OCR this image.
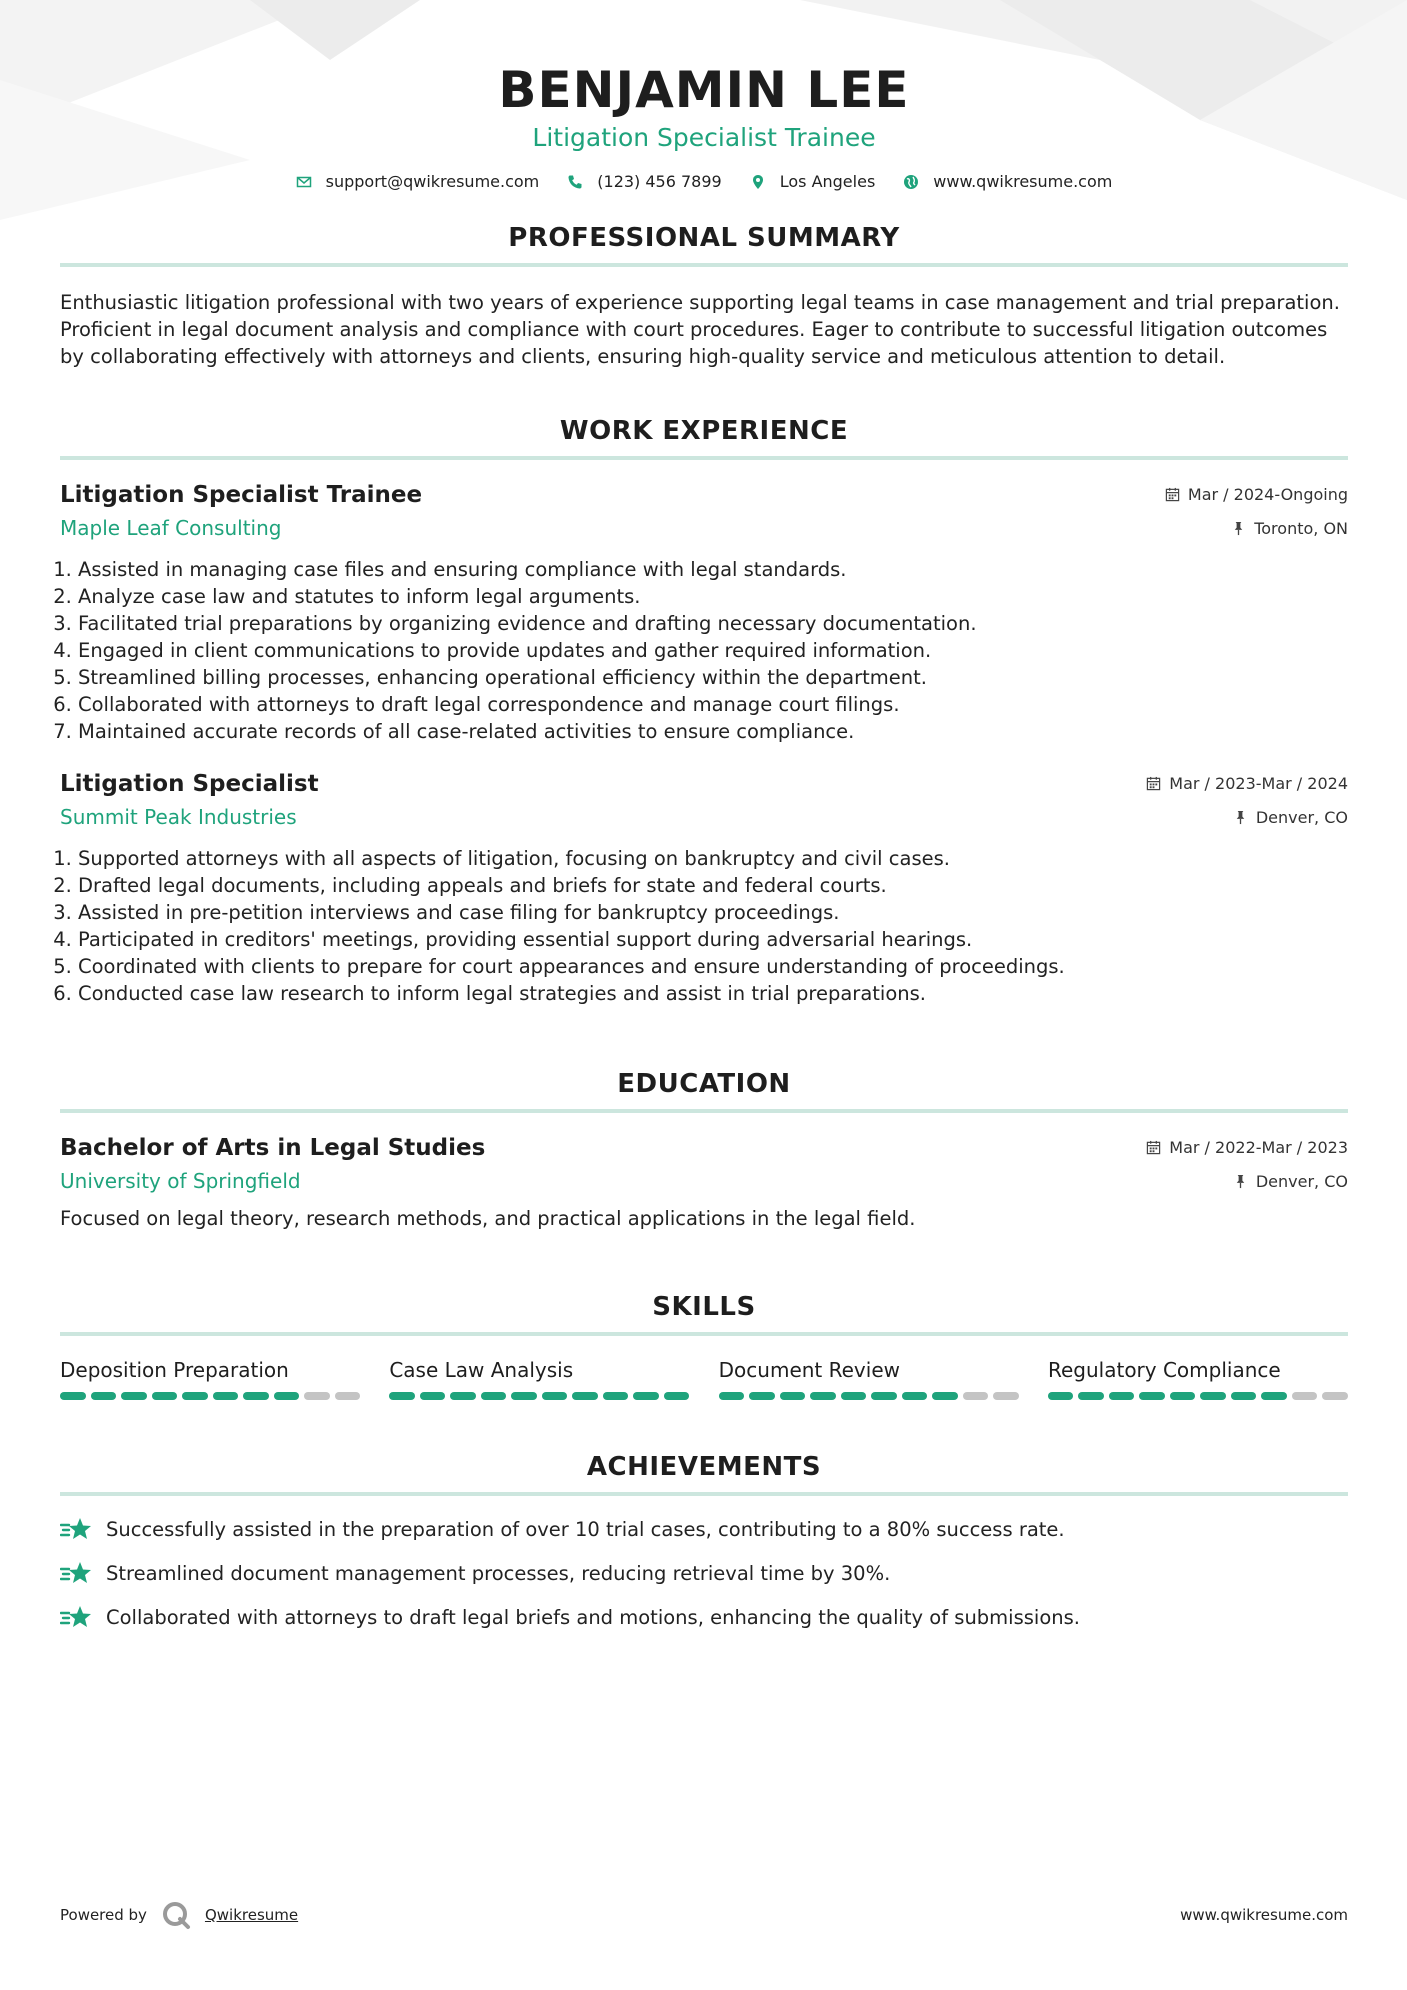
BENJAMIN LEE
Litigation Specialist Trainee
support@qwikresume.com	(123) 456 7899	Los Angeles	www.qwikresume.com
PROFESSIONAL SUMMARY
Enthusiastic litigation professional with two years of experience supporting legal teams in case management and trial preparation. Proficient in legal document analysis and compliance with court procedures. Eager to contribute to successful litigation outcomes by collaborating effectively with attorneys and clients, ensuring high-quality service and meticulous attention to detail.
WORK EXPERIENCE
Litigation Specialist Trainee	Mar / 2024-Ongoing
Maple Leaf Consulting	Toronto, ON
1. Assisted in managing case files and ensuring compliance with legal standards.
2. Analyze case law and statutes to inform legal arguments.
3. Facilitated trial preparations by organizing evidence and drafting necessary documentation.
4. Engaged in client communications to provide updates and gather required information.
5. Streamlined billing processes, enhancing operational efficiency within the department.
6. Collaborated with attorneys to draft legal correspondence and manage court filings.
7. Maintained accurate records of all case-related activities to ensure compliance.
Litigation Specialist	Mar / 2023-Mar / 2024
Summit Peak Industries	Denver, CO
1. Supported attorneys with all aspects of litigation, focusing on bankruptcy and civil cases.
2. Drafted legal documents, including appeals and briefs for state and federal courts.
3. Assisted in pre-petition interviews and case filing for bankruptcy proceedings.
4. Participated in creditors' meetings, providing essential support during adversarial hearings.
5. Coordinated with clients to prepare for court appearances and ensure understanding of proceedings.
6. Conducted case law research to inform legal strategies and assist in trial preparations.
EDUCATION
Bachelor of Arts in Legal Studies	Mar / 2022-Mar / 2023
University of Springfield	Denver, CO
Focused on legal theory, research methods, and practical applications in the legal field.
SKILLS
Deposition Preparation	Case Law Analysis	Document Review	Regulatory Compliance
ACHIEVEMENTS
Successfully assisted in the preparation of over 10 trial cases, contributing to a 80% success rate.
Streamlined document management processes, reducing retrieval time by 30%.
Collaborated with attorneys to draft legal briefs and motions, enhancing the quality of submissions.
Powered by	Qwikresume	www.qwikresume.com
